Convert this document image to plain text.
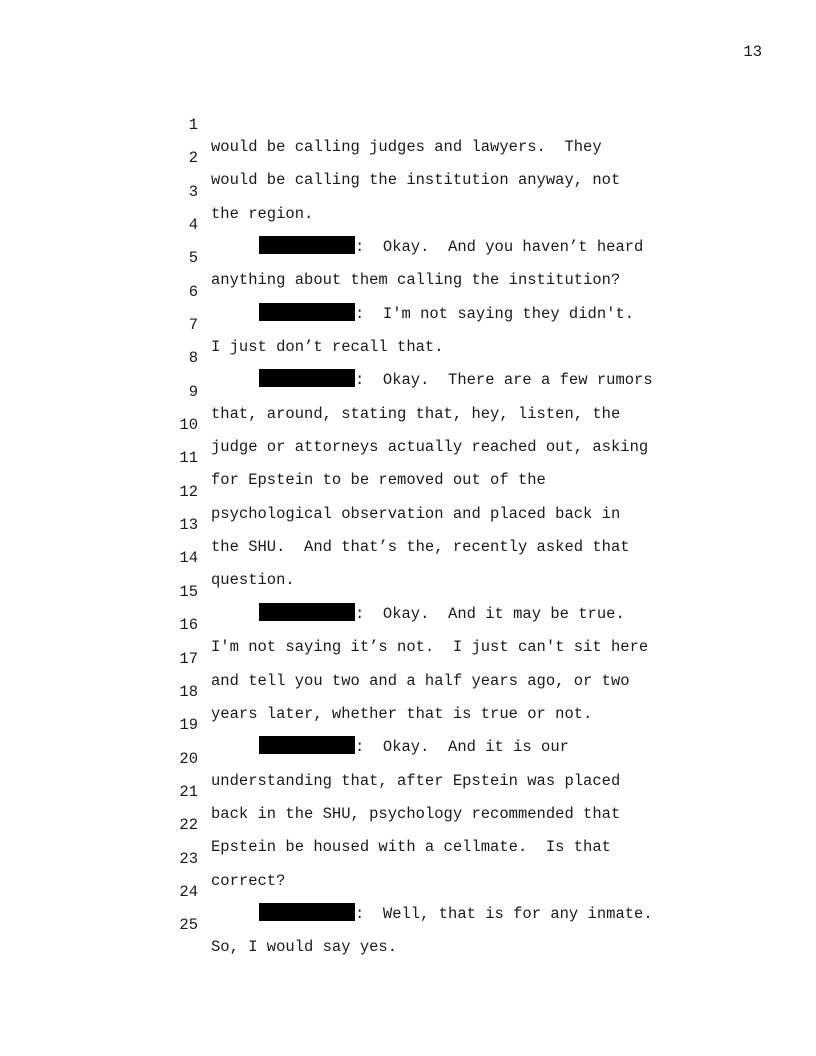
13

1

would be calling judges and lawyers.  They

2

would be calling the institution anyway, not

3

the region.

4

:  Okay.  And you haven’t heard

5

anything about them calling the institution?

6

:  I'm not saying they didn't.

7

I just don’t recall that.

8

:  Okay.  There are a few rumors

9

that, around, stating that, hey, listen, the

10

judge or attorneys actually reached out, asking

11

for Epstein to be removed out of the

12

psychological observation and placed back in

13

the SHU.  And that’s the, recently asked that

14

question.

15

:  Okay.  And it may be true.

16

I'm not saying it’s not.  I just can't sit here

17

and tell you two and a half years ago, or two

18

years later, whether that is true or not.

19

:  Okay.  And it is our

20

understanding that, after Epstein was placed

21

back in the SHU, psychology recommended that

22

Epstein be housed with a cellmate.  Is that

23

correct?

24

:  Well, that is for any inmate.

25

So, I would say yes.
